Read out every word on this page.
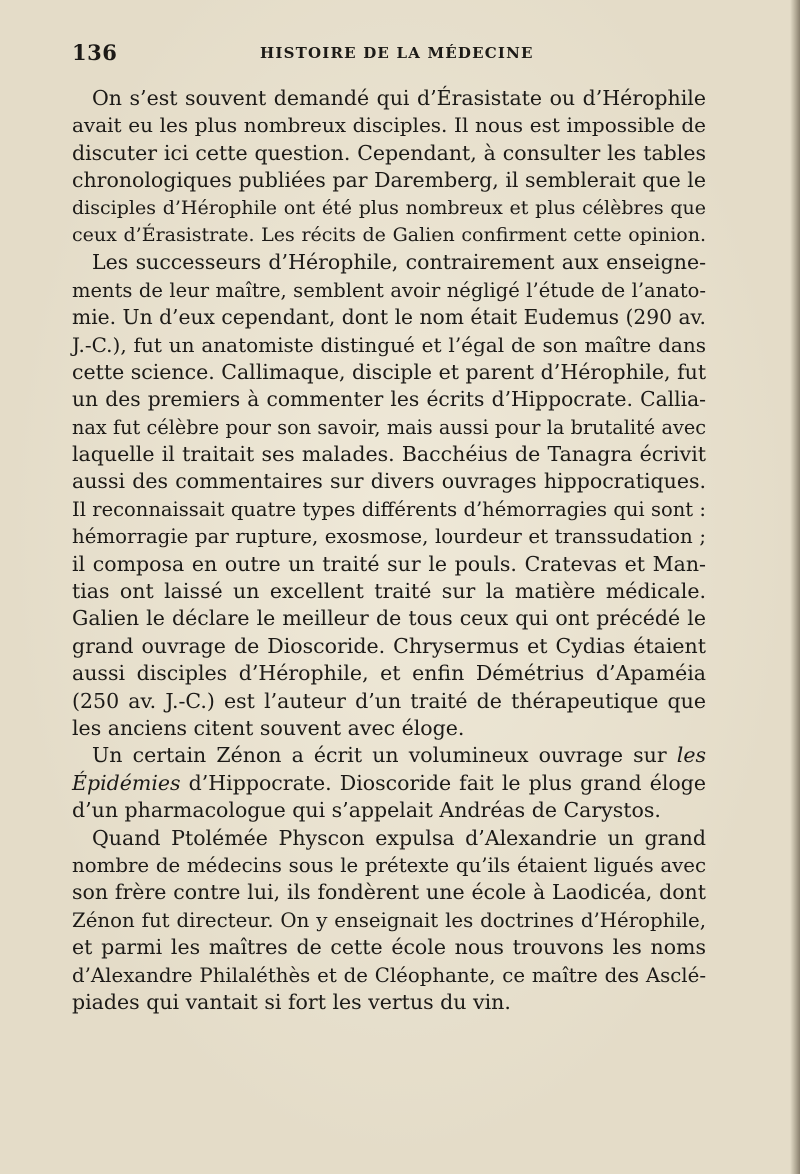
136	HISTOIRE DE LA MÉDECINE
On s’est souvent demandé qui d’Érasistate ou d’Hérophile
avait eu les plus nombreux disciples. Il nous est impossible de
discuter ici cette question. Cependant, à consulter les tables
chronologiques publiées par Daremberg, il semblerait que le
disciples d’Hérophile ont été plus nombreux et plus célèbres que
ceux d’Érasistrate. Les récits de Galien confirment cette opinion.
Les successeurs d’Hérophile, contrairement aux enseigne-
ments de leur maître, semblent avoir négligé l’étude de l’anato-
mie. Un d’eux cependant, dont le nom était Eudemus (290 av.
J.-C.), fut un anatomiste distingué et l’égal de son maître dans
cette science. Callimaque, disciple et parent d’Hérophile, fut
un des premiers à commenter les écrits d’Hippocrate. Callia-
nax fut célèbre pour son savoir, mais aussi pour la brutalité avec
laquelle il traitait ses malades. Bacchéius de Tanagra écrivit
aussi des commentaires sur divers ouvrages hippocratiques.
Il reconnaissait quatre types différents d’hémorragies qui sont :
hémorragie par rupture, exosmose, lourdeur et transsudation ;
il composa en outre un traité sur le pouls. Cratevas et Man-
tias ont laissé un excellent traité sur la matière médicale.
Galien le déclare le meilleur de tous ceux qui ont précédé le
grand ouvrage de Dioscoride. Chrysermus et Cydias étaient
aussi disciples d’Hérophile, et enfin Démétrius d’Apaméia
(250 av. J.-C.) est l’auteur d’un traité de thérapeutique que
les anciens citent souvent avec éloge.
Un certain Zénon a écrit un volumineux ouvrage sur les
Épidémies d’Hippocrate. Dioscoride fait le plus grand éloge
d’un pharmacologue qui s’appelait Andréas de Carystos.
Quand Ptolémée Physcon expulsa d’Alexandrie un grand
nombre de médecins sous le prétexte qu’ils étaient ligués avec
son frère contre lui, ils fondèrent une école à Laodicéa, dont
Zénon fut directeur. On y enseignait les doctrines d’Hérophile,
et parmi les maîtres de cette école nous trouvons les noms
d’Alexandre Philaléthès et de Cléophante, ce maître des Asclé-
piades qui vantait si fort les vertus du vin.
